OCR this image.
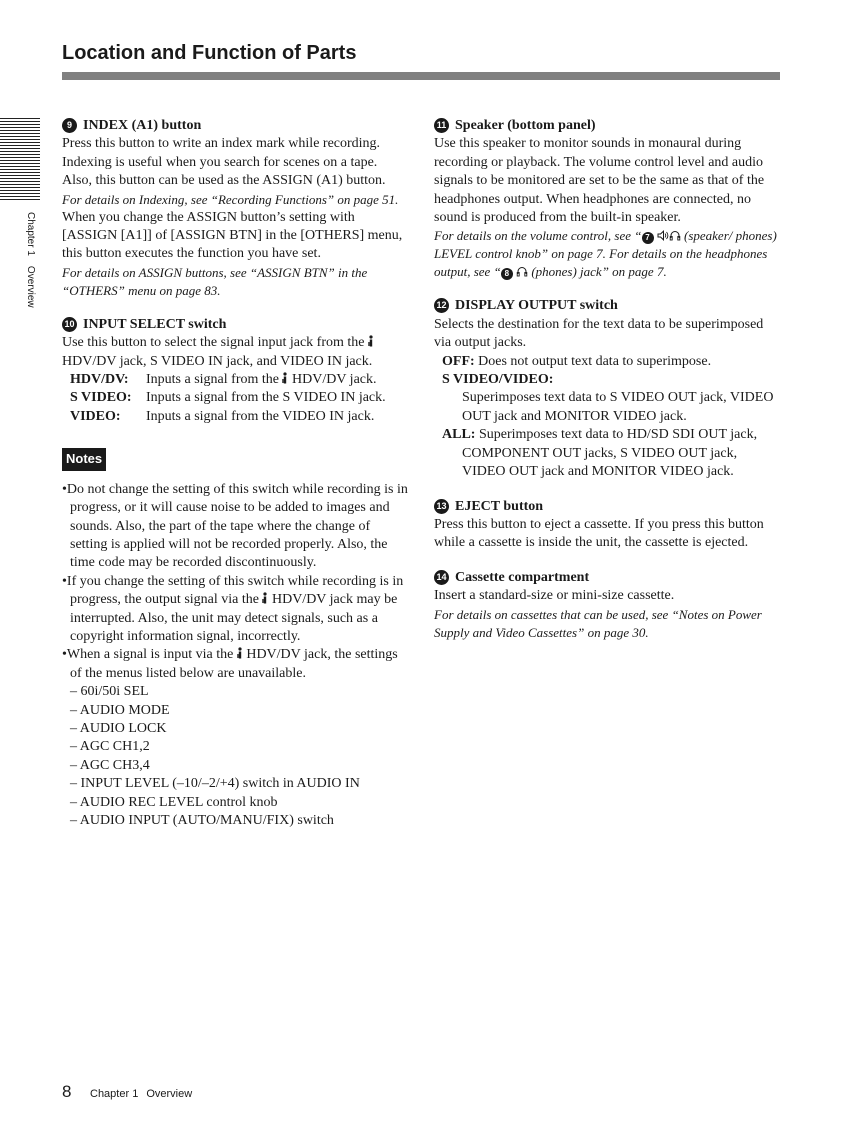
Location and Function of Parts
Chapter 1Overview

9 INDEX (A1) button

Press this button to write an index mark while recording. Indexing is useful when you search for scenes on a tape. Also, this button can be used as the ASSIGN (A1) button.

For details on Indexing, see “Recording Functions” on page 51.

When you change the ASSIGN button’s setting with [ASSIGN [A1]] of [ASSIGN BTN] in the [OTHERS] menu, this button executes the function you have set.

For details on ASSIGN buttons, see “ASSIGN BTN” in the “OTHERS” menu on page 83.

10 INPUT SELECT switch

Use this button to select the signal input jack from the  HDV/DV jack, S VIDEO IN jack, and VIDEO IN jack.

HDV/DV:	Inputs a signal from the HDV/DV jack.
S VIDEO:	Inputs a signal from the S VIDEO IN jack.
VIDEO:	Inputs a signal from the VIDEO IN jack.
Notes

•Do not change the setting of this switch while recording is in progress, or it will cause noise to be added to images and sounds. Also, the part of the tape where the change of setting is applied will not be recorded properly. Also, the time code may be recorded discontinuously.

•If you change the setting of this switch while recording is in progress, the output signal via the HDV/DV jack may be interrupted. Also, the unit may detect signals, such as a copyright information signal, incorrectly.

•When a signal is input via the HDV/DV jack, the settings of the menus listed below are unavailable.

– 60i/50i SEL

– AUDIO MODE

– AUDIO LOCK

– AGC CH1,2

– AGC CH3,4

– INPUT LEVEL (–10/–2/+4) switch in AUDIO IN

– AUDIO REC LEVEL control knob

– AUDIO INPUT (AUTO/MANU/FIX) switch

11 Speaker (bottom panel)

Use this speaker to monitor sounds in monaural during recording or playback. The volume control level and audio signals to be monitored are set to be the same as that of the headphones output. When headphones are connected, no sound is produced from the built-in speaker.

For details on the volume control, see “ 7  (speaker/ phones) LEVEL control knob” on page 7. For details on the headphones output, see “ 8  (phones) jack” on page 7.

12 DISPLAY OUTPUT switch

Selects the destination for the text data to be superimposed via output jacks.

OFF: Does not output text data to superimpose.

S VIDEO/VIDEO:

Superimposes text data to S VIDEO OUT jack, VIDEO OUT jack and MONITOR VIDEO jack.

ALL: Superimposes text data to HD/SD SDI OUT jack, COMPONENT OUT jacks, S VIDEO OUT jack, VIDEO OUT jack and MONITOR VIDEO jack.

13 EJECT button

Press this button to eject a cassette. If you press this button while a cassette is inside the unit, the cassette is ejected.

14 Cassette compartment

Insert a standard-size or mini-size cassette.

For details on cassettes that can be used, see “Notes on Power Supply and Video Cassettes” on page 30.

8 Chapter 1 Overview
